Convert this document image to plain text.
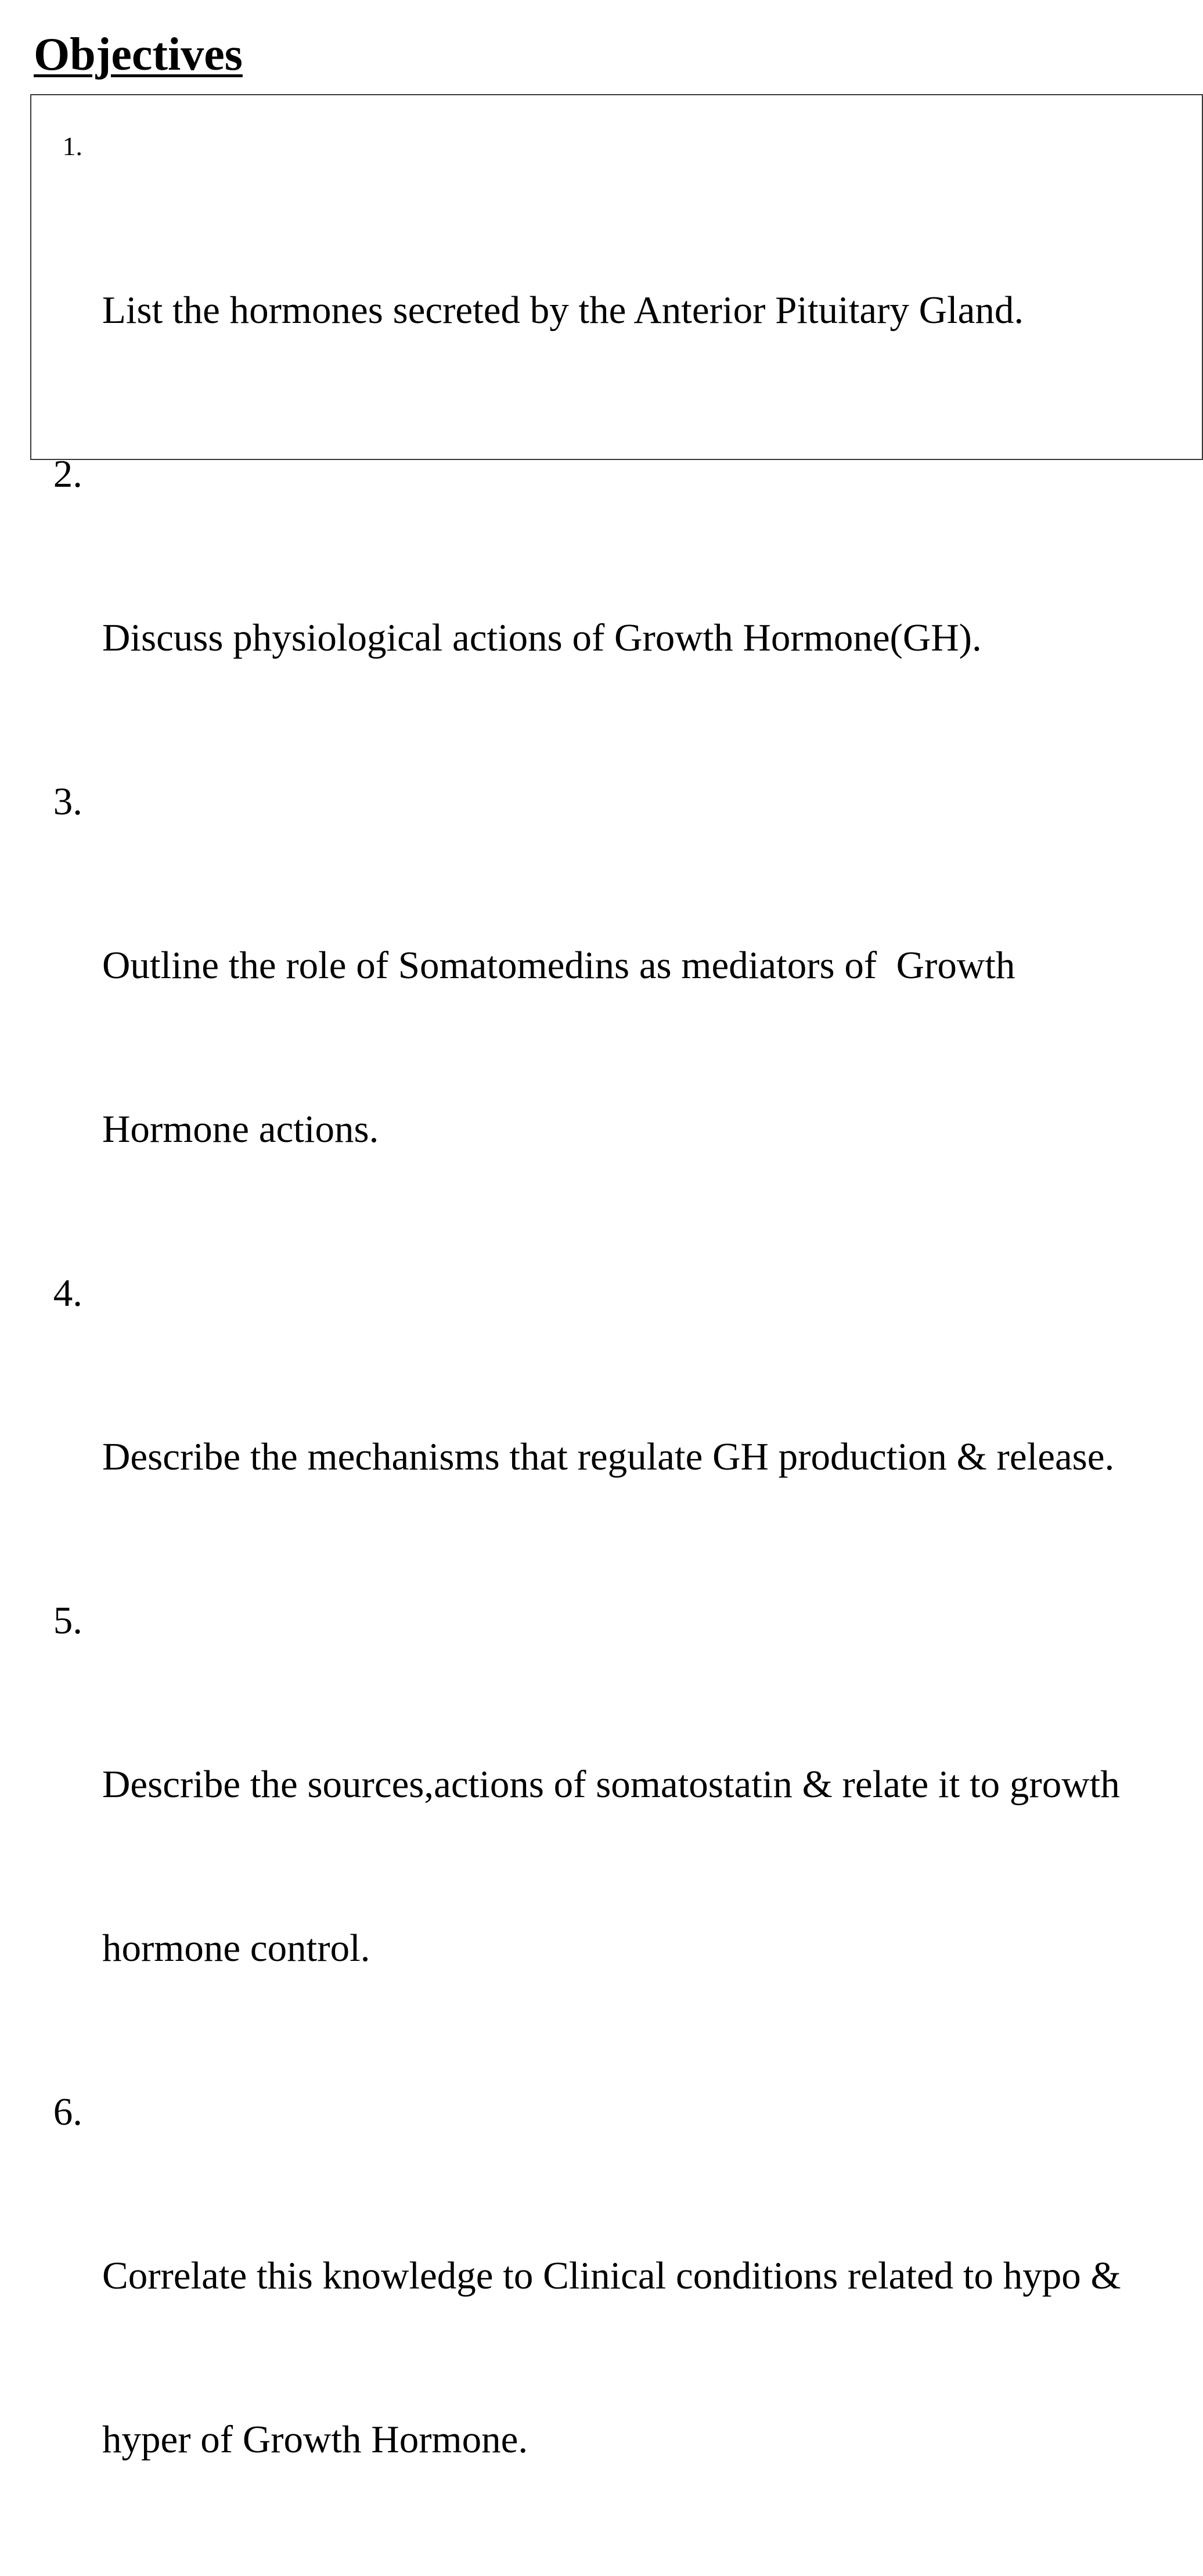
Objectives

1.

List the hormones secreted by the Anterior Pituitary Gland.

2.

Discuss physiological actions of Growth Hormone(GH).

3.

Outline the role of Somatomedins as mediators of  Growth

Hormone actions.

4.

Describe the mechanisms that regulate GH production & release.

5.

Describe the sources,actions of somatostatin & relate it to growth

hormone control.

6.

Correlate this knowledge to Clinical conditions related to hypo &

hyper of Growth Hormone.
